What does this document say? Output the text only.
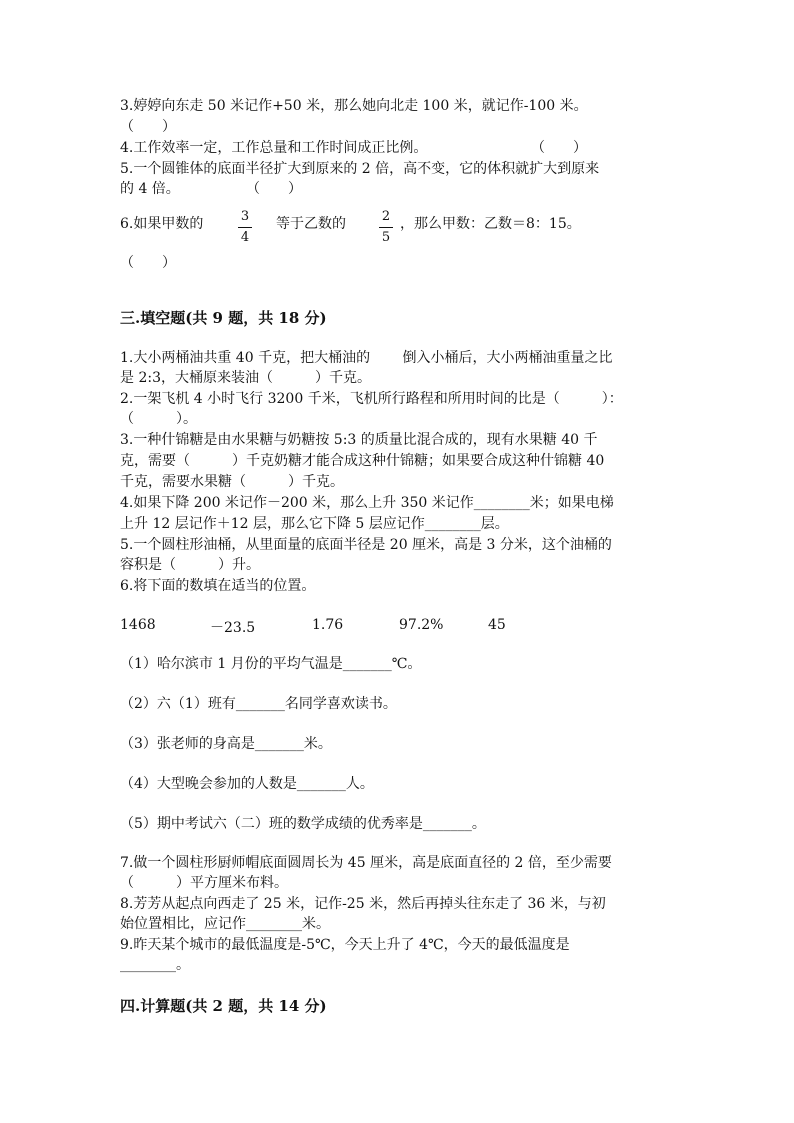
3.婷婷向东走 50 米记作+50 米，那么她向北走 100 米，就记作-100 米。
（　　）
4.工作效率一定，工作总量和工作时间成正比例。	（　　）
5.一个圆锥体的底面半径扩大到原来的 2 倍，高不变，它的体积就扩大到原来
的 4 倍。	（　　）
6.如果甲数的	3
4
等于乙数的	2
5
，那么甲数：乙数＝8：15。
（　　）
三.填空题(共 9 题，共 18 分)
1.大小两桶油共重 40 千克，把大桶油的　　 倒入小桶后，大小两桶油重量之比
是 2:3，大桶原来装油（　　　）千克。
2.一架飞机 4 小时飞行 3200 千米，飞机所行路程和所用时间的比是（　　　）：
（　　　）。
3.一种什锦糖是由水果糖与奶糖按 5:3 的质量比混合成的，现有水果糖 40 千
克，需要（　　　）千克奶糖才能合成这种什锦糖；如果要合成这种什锦糖 40
千克，需要水果糖（　　　）千克。
4.如果下降 200 米记作－200 米，那么上升 350 米记作________米；如果电梯
上升 12 层记作＋12 层，那么它下降 5 层应记作________层。
5.一个圆柱形油桶，从里面量的底面半径是 20 厘米，高是 3 分米，这个油桶的
容积是（　　　）升。
6.将下面的数填在适当的位置。
1468	－23.5	1.76	97.2%	45
（1）哈尔滨市 1 月份的平均气温是_______℃。
（2）六（1）班有_______名同学喜欢读书。
（3）张老师的身高是_______米。
（4）大型晚会参加的人数是_______人。
（5）期中考试六（二）班的数学成绩的优秀率是_______。
7.做一个圆柱形厨师帽底面圆周长为 45 厘米，高是底面直径的 2 倍，至少需要
（　　　）平方厘米布料。
8.芳芳从起点向西走了 25 米，记作-25 米，然后再掉头往东走了 36 米，与初
始位置相比，应记作________米。
9.昨天某个城市的最低温度是-5℃，今天上升了 4℃，今天的最低温度是
________。
四.计算题(共 2 题，共 14 分)
